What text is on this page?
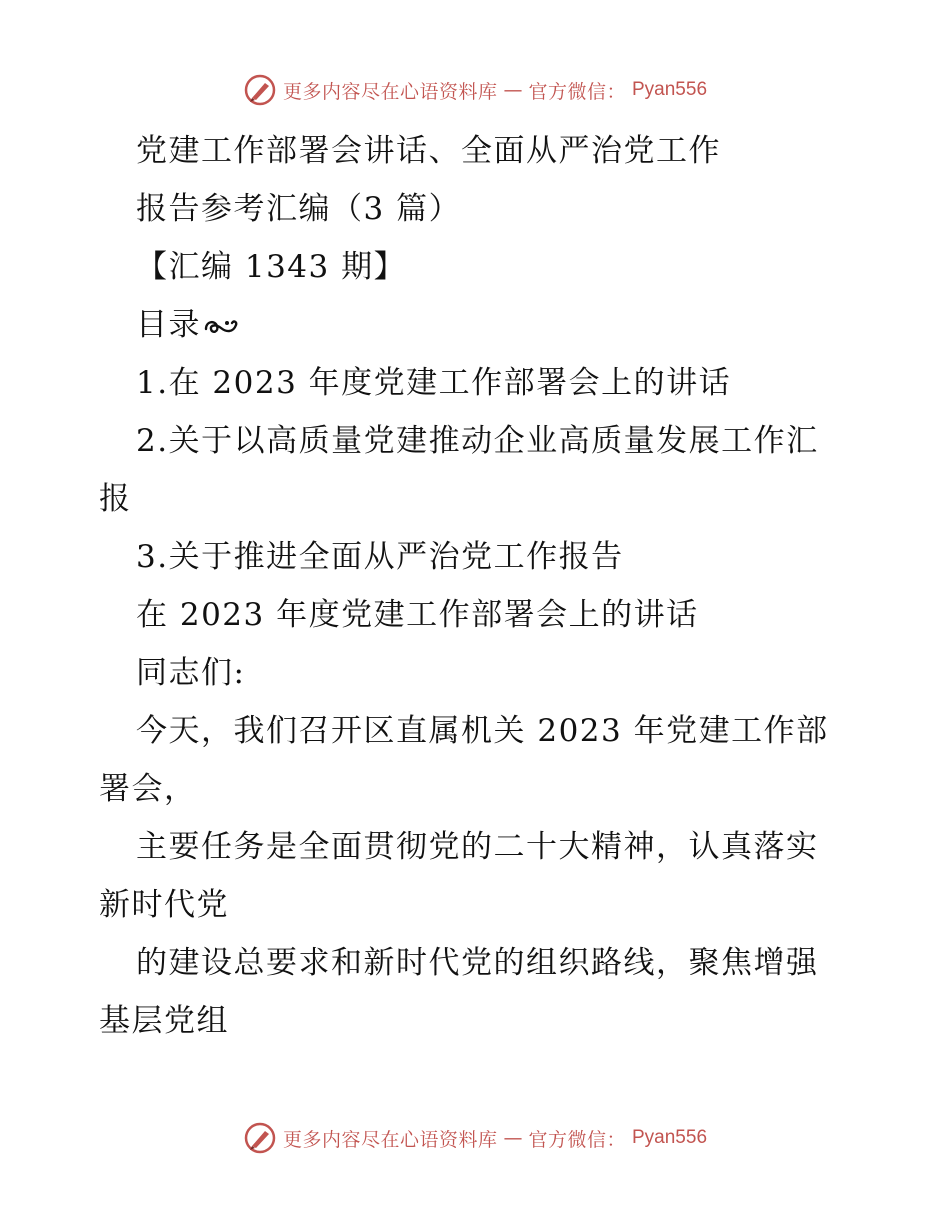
更多内容尽在心语资料库 — 官方微信： Pyan556
党建工作部署会讲话、全面从严治党工作
报告参考汇编（3 篇）
【汇编 1343 期】
目录
1.在 2023 年度党建工作部署会上的讲话
2.关于以高质量党建推动企业高质量发展工作汇
报
3.关于推进全面从严治党工作报告
在 2023 年度党建工作部署会上的讲话
同志们:
今天，我们召开区直属机关 2023 年党建工作部
署会，
主要任务是全面贯彻党的二十大精神，认真落实
新时代党
的建设总要求和新时代党的组织路线，聚焦增强
基层党组
更多内容尽在心语资料库 — 官方微信： Pyan556
